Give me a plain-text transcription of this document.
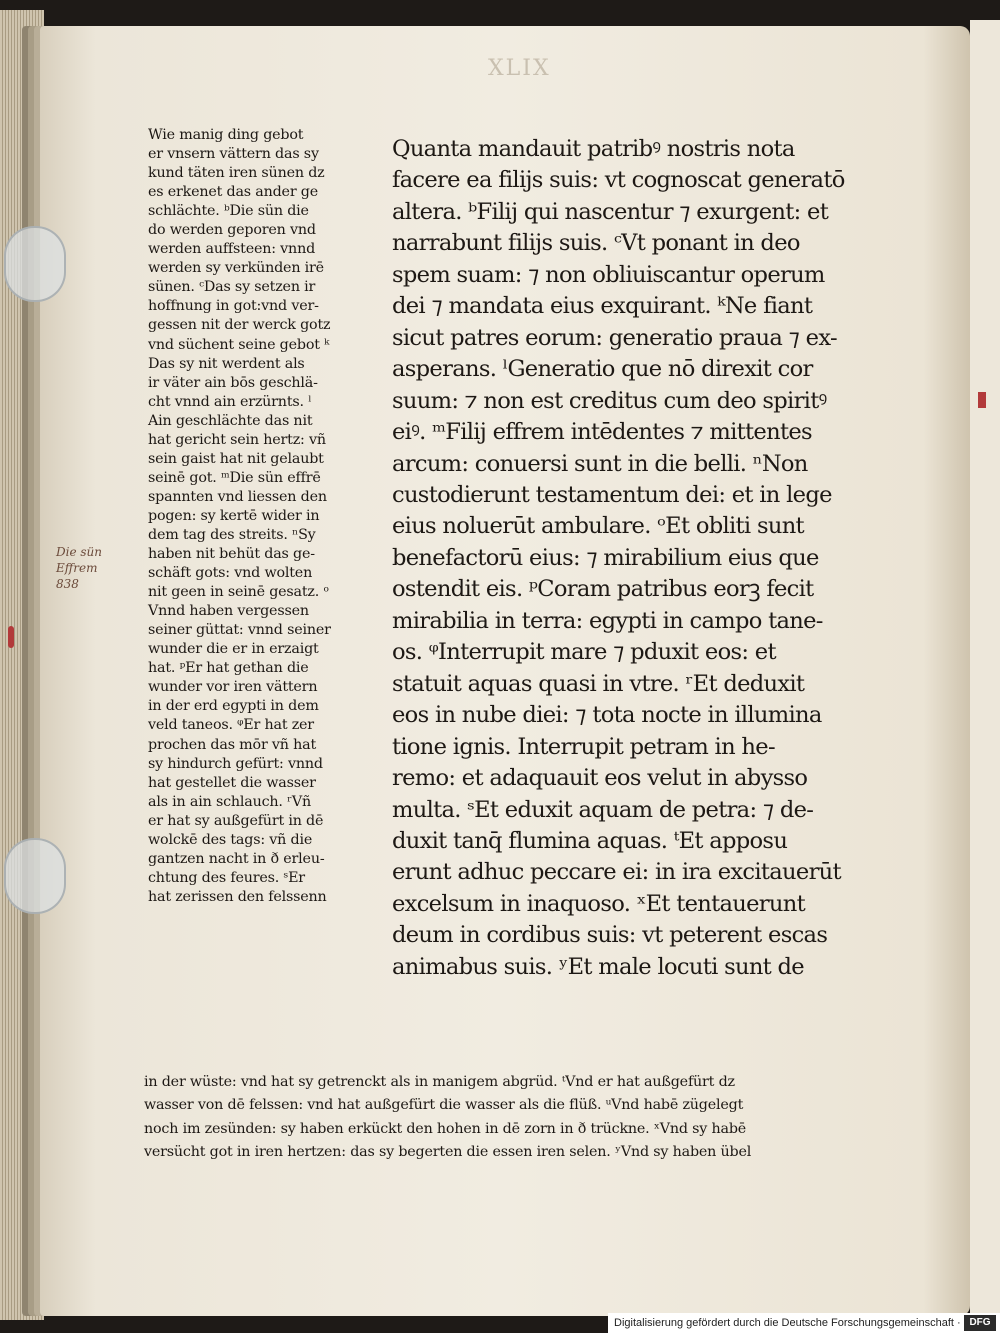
XLIX
Wie manig ding gebot
er vnsern vättern das sy
kund täten iren sünen dz
es erkenet das ander ge
schlächte. ᵇDie sün die
do werden geporen vnd
werden auffsteen: vnnd
werden sy verkünden irē
sünen. ᶜDas sy setzen ir
hoffnung in got:vnd ver-
gessen nit der werck gotz
vnd süchent seine gebot ᵏ
Das sy nit werdent als
ir väter ain bōs geschlä-
cht vnnd ain erzürnts. ˡ
Ain geschlächte das nit
hat gericht sein hertz: vñ
sein gaist hat nit gelaubt
seinē got. ᵐDie sün effrē
spannten vnd liessen den
pogen: sy kertē wider in
dem tag des streits. ⁿSy
haben nit behüt das ge-
schäft gots: vnd wolten
nit geen in seinē gesatz. ᵒ
Vnnd haben vergessen
seiner güttat: vnnd seiner
wunder die er in erzaigt
hat. ᵖEr hat gethan die
wunder vor iren vättern
in der erd egypti in dem
veld taneos. ᵠEr hat zer
prochen das mōr vñ hat
sy hindurch gefürt: vnnd
hat gestellet die wasser
als in ain schlauch. ʳVñ
er hat sy außgefürt in dē
wolckē des tags: vñ die
gantzen nacht in ð erleu-
chtung des feures. ˢEr
hat zerissen den felssenn
Quanta mandauit patribꝰ nostris nota
facere ea filijs suis: vt cognoscat generatō
altera. ᵇFilij qui nascentur ⁊ exurgent: et
narrabunt filijs suis. ᶜVt ponant in deo
spem suam: ⁊ non obliuiscantur operum
dei ⁊ mandata eius exquirant. ᵏNe fiant
sicut patres eorum: generatio praua ⁊ ex-
asperans. ˡGeneratio que nō direxit cor
suum: ⁊ non est creditus cum deo spiritꝰ
eiꝰ. ᵐFilij effrem intēdentes ⁊ mittentes
arcum: conuersi sunt in die belli. ⁿNon
custodierunt testamentum dei: et in lege
eius noluerūt ambulare. ᵒEt obliti sunt
benefactorū eius: ⁊ mirabilium eius que
ostendit eis. ᵖCoram patribus eorꝫ fecit
mirabilia in terra: egypti in campo tane-
os. ᵠInterrupit mare ⁊ pduxit eos: et
statuit aquas quasi in vtre. ʳEt deduxit
eos in nube diei: ⁊ tota nocte in illumina
tione ignis. Interrupit petram in he-
remo: et adaquauit eos velut in abysso
multa. ˢEt eduxit aquam de petra: ⁊ de-
duxit tanq̄ flumina aquas. ᵗEt apposu
erunt adhuc peccare ei: in ira excitauerūt
excelsum in inaquoso. ˣEt tentauerunt
deum in cordibus suis: vt peterent escas
animabus suis. ʸEt male locuti sunt de
in der wüste: vnd hat sy getrenckt als in manigem abgrüd. ᵗVnd er hat außgefürt dz
wasser von dē felssen: vnd hat außgefürt die wasser als die flüß. ᵘVnd habē zügelegt
noch im zesünden: sy haben erkückt den hohen in dē zorn in ð trückne. ˣVnd sy habē
versücht got in iren hertzen: das sy begerten die essen iren selen. ʸVnd sy haben übel
Die sün
Effrem
838
Digitalisierung gefördert durch die Deutsche Forschungsgemeinschaft · DFG
